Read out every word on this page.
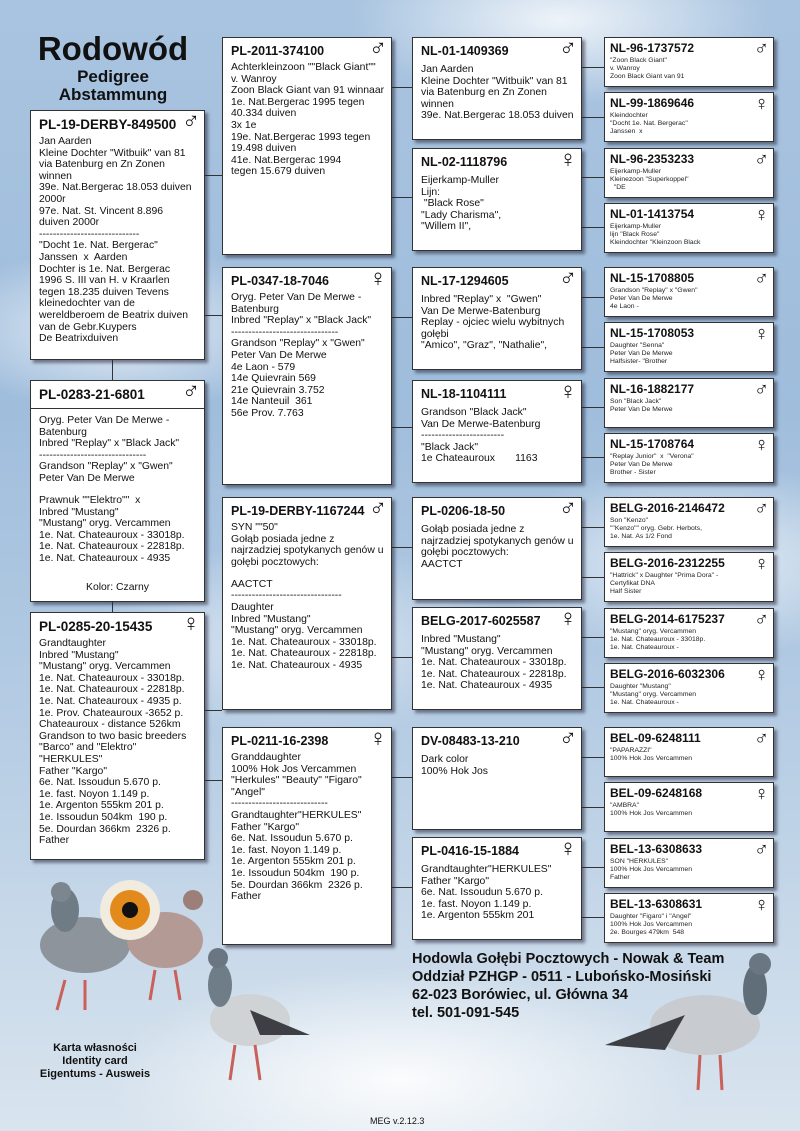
Rodowód
Pedigree
Abstammung
PL-19-DERBY-849500 ♂
Jan Aarden
Kleine Dochter "Witbuik" van 81
via Batenburg en Zn Zonen
winnen
39e. Nat.Bergerac 18.053 duiven
2000r
97e. Nat. St. Vincent 8.896
duiven 2000r
-----------------------------
"Docht 1e. Nat. Bergerac"
Janssen  x  Aarden
Dochter is 1e. Nat. Bergerac
1996 S. III van H. v Kraarlen
tegen 18.235 duiven Tevens
kleinedochter van de
wereldberoem de Beatrix duiven
van de Gebr.Kuypers
De Beatrixduiven
PL-0283-21-6801	♂
Oryg. Peter Van De Merwe -
Batenburg
Inbred "Replay" x "Black Jack"
-------------------------------
Grandson "Replay" x "Gwen"
Peter Van De Merwe
Prawnuk ""Elektro""  x
Inbred "Mustang"
"Mustang" oryg. Vercammen
1e. Nat. Chateauroux - 33018p.
1e. Nat. Chateauroux - 22818p.
1e. Nat. Chateauroux - 4935
Kolor: Czarny
PL-0285-20-15435	♀
Grandtaughter
Inbred "Mustang"
"Mustang" oryg. Vercammen
1e. Nat. Chateauroux - 33018p.
1e. Nat. Chateauroux - 22818p.
1e. Nat. Chateauroux - 4935 p.
1e. Prov. Chateauroux -3652 p.
Chateauroux - distance 526km
Grandson to two basic breeders
"Barco" and "Elektro"
"HERKULES"
Father "Kargo"
6e. Nat. Issoudun 5.670 p.
1e. fast. Noyon 1.149 p.
1e. Argenton 555km 201 p.
1e. Issoudun 504km  190 p.
5e. Dourdan 366km  2326 p.
Father
PL-2011-374100	♂
Achterkleinzoon ""Black Giant""
v. Wanroy
Zoon Black Giant van 91 winnaar
1e. Nat.Bergerac 1995 tegen
40.334 duiven
3x 1e
19e. Nat.Bergerac 1993 tegen
19.498 duiven
41e. Nat.Bergerac 1994
tegen 15.679 duiven
PL-0347-18-7046	♀
Oryg. Peter Van De Merwe -
Batenburg
Inbred "Replay" x "Black Jack"
-------------------------------
Grandson "Replay" x "Gwen"
Peter Van De Merwe
4e Laon - 579
14e Quievrain 569
21e Quievrain 3.752
14e Nanteuil  361
56e Prov. 7.763
PL-19-DERBY-1167244 ♂
SYN ""50"
Gołąb posiada jedne z
najrzadziej spotykanych genów u
gołębi pocztowych:
AACTCT
--------------------------------
Daughter
Inbred "Mustang"
"Mustang" oryg. Vercammen
1e. Nat. Chateauroux - 33018p.
1e. Nat. Chateauroux - 22818p.
1e. Nat. Chateauroux - 4935
PL-0211-16-2398	♀
Granddaughter
100% Hok Jos Vercammen
"Herkules" "Beauty" "Figaro"
"Angel"
----------------------------
Grandtaughter"HERKULES"
Father "Kargo"
6e. Nat. Issoudun 5.670 p.
1e. fast. Noyon 1.149 p.
1e. Argenton 555km 201 p.
1e. Issoudun 504km  190 p.
5e. Dourdan 366km  2326 p.
Father
NL-01-1409369	♂
Jan Aarden
Kleine Dochter "Witbuik" van 81
via Batenburg en Zn Zonen
winnen
39e. Nat.Bergerac 18.053 duiven
NL-02-1118796	♀
Eijerkamp-Muller
Lijn:
"Black Rose"
"Lady Charisma",
"Willem II",
NL-17-1294605	♂
Inbred "Replay" x  "Gwen"
Van De Merwe-Batenburg
Replay - ojciec wielu wybitnych
gołębi
"Amico", "Graz", "Nathalie",
NL-18-1104111	♀
Grandson "Black Jack"
Van De Merwe-Batenburg
------------------------
"Black Jack"
1e Chateauroux       1163
PL-0206-18-50	♂
Gołąb posiada jedne z
najrzadziej spotykanych genów u
gołębi pocztowych:
AACTCT
BELG-2017-6025587 ♀
Inbred "Mustang"
"Mustang" oryg. Vercammen
1e. Nat. Chateauroux - 33018p.
1e. Nat. Chateauroux - 22818p.
1e. Nat. Chateauroux - 4935
DV-08483-13-210	♂
Dark color
100% Hok Jos
PL-0416-15-1884	♀
Grandtaughter"HERKULES"
Father "Kargo"
6e. Nat. Issoudun 5.670 p.
1e. fast. Noyon 1.149 p.
1e. Argenton 555km 201
NL-96-1737572	♂
"Zoon Black Giant"
v. Wanroy
Zoon Black Giant van 91
NL-99-1869646	♀
Kleindochter
"Docht 1e. Nat. Bergerac"
Janssen  x
NL-96-2353233	♂
Eijerkamp-Muller
Kleinezoon "Superkoppel"
"DE
NL-01-1413754	♀
Eijerkamp-Muller
lijn "Black Rose"
Kleindochter "Kleinzoon Black
NL-15-1708805	♂
Grandson "Replay" x "Gwen"
Peter Van De Merwe
4e Laon -
NL-15-1708053	♀
Daughter "Senna"
Peter Van De Merwe
Halfsister- "Brother
NL-16-1882177	♂
Son "Black Jack"
Peter Van De Merwe
NL-15-1708764	♀
"Replay Junior"  x  "Verona"
Peter Van De Merwe
Brother - Sister
BELG-2016-2146472	♂
Son "Kenzo"
""Kenzo"" oryg. Gebr. Herbots,
1e. Nat. As 1/2 Fond
BELG-2016-2312255	♀
"Hattrick" x Daughter "Prima Dora" -
Certyfikat DNA
Half Sister
BELG-2014-6175237	♂
"Mustang" oryg. Vercammen
1e. Nat. Chateauroux - 33018p.
1e. Nat. Chateauroux -
BELG-2016-6032306	♀
Daughter "Mustang"
"Mustang" oryg. Vercammen
1e. Nat. Chateauroux -
BEL-09-6248111	♂
"PAPARAZZI"
100% Hok Jos Vercammen
BEL-09-6248168	♀
"AMBRA"
100% Hok Jos Vercammen
BEL-13-6308633	♂
SON "HERKULES"
100% Hok Jos Vercammen
Father
BEL-13-6308631	♀
Daughter "Figaro" i "Angel"
100% Hok Jos Vercammen
2e. Bourges 479km  548
Hodowla Gołębi Pocztowych - Nowak & Team
Oddział PZHGP - 0511 - Lubońsko-Mosiński
62-023 Borówiec, ul. Główna 34
tel. 501-091-545
Karta własności
Identity card
Eigentums - Ausweis
MEG v.2.12.3
